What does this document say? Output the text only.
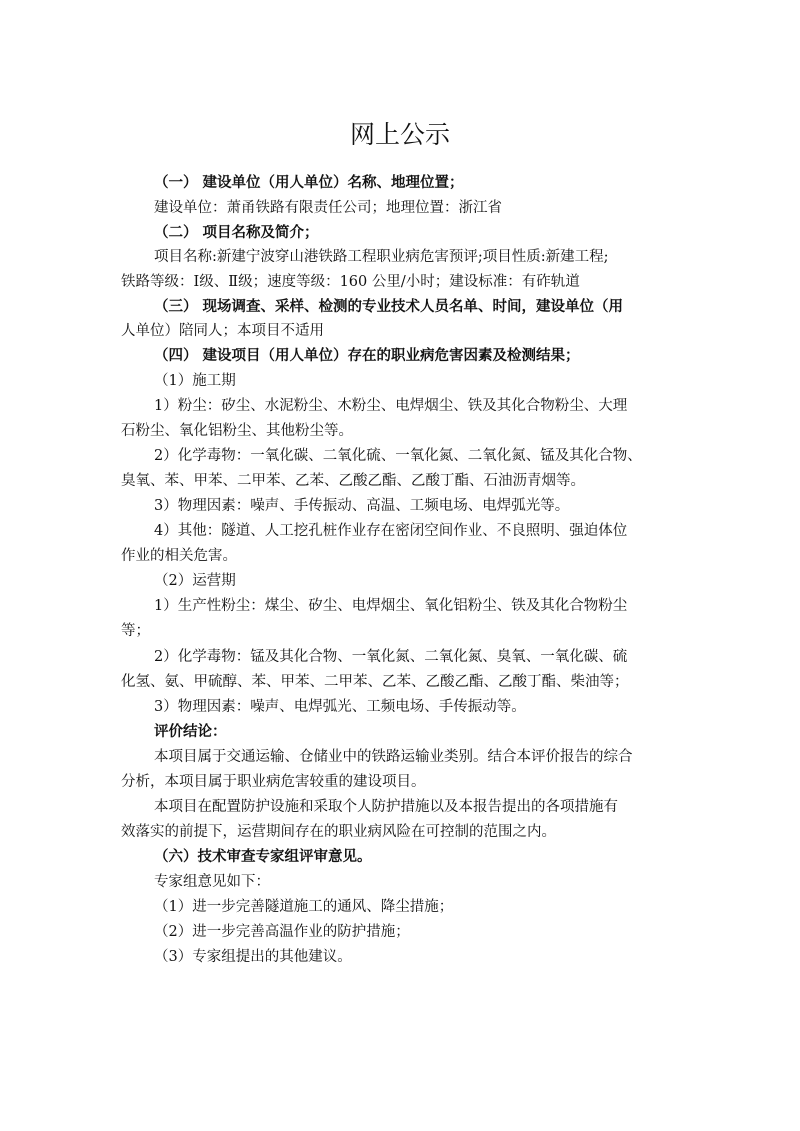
网上公示
（一） 建设单位（用人单位）名称、地理位置；
建设单位：萧甬铁路有限责任公司；地理位置：浙江省
（二） 项目名称及简介；
项目名称:新建宁波穿山港铁路工程职业病危害预评;项目性质:新建工程;
铁路等级：Ⅰ级、Ⅱ级；速度等级：160 公里/小时；建设标准：有砟轨道
（三） 现场调查、采样、检测的专业技术人员名单、时间，建设单位（用
人单位）陪同人；本项目不适用
（四） 建设项目（用人单位）存在的职业病危害因素及检测结果；
（1）施工期
1）粉尘：矽尘、水泥粉尘、木粉尘、电焊烟尘、铁及其化合物粉尘、大理
石粉尘、氧化铝粉尘、其他粉尘等。
2）化学毒物：一氧化碳、二氧化硫、一氧化氮、二氧化氮、锰及其化合物、
臭氧、苯、甲苯、二甲苯、乙苯、乙酸乙酯、乙酸丁酯、石油沥青烟等。
3）物理因素：噪声、手传振动、高温、工频电场、电焊弧光等。
4）其他：隧道、人工挖孔桩作业存在密闭空间作业、不良照明、强迫体位
作业的相关危害。
（2）运营期
1）生产性粉尘：煤尘、矽尘、电焊烟尘、氧化铝粉尘、铁及其化合物粉尘
等；
2）化学毒物：锰及其化合物、一氧化氮、二氧化氮、臭氧、一氧化碳、硫
化氢、氨、甲硫醇、苯、甲苯、二甲苯、乙苯、乙酸乙酯、乙酸丁酯、柴油等；
3）物理因素：噪声、电焊弧光、工频电场、手传振动等。
评价结论：
本项目属于交通运输、仓储业中的铁路运输业类别。结合本评价报告的综合
分析，本项目属于职业病危害较重的建设项目。
本项目在配置防护设施和采取个人防护措施以及本报告提出的各项措施有
效落实的前提下，运营期间存在的职业病风险在可控制的范围之内。
（六）技术审查专家组评审意见。
专家组意见如下：
（1）进一步完善隧道施工的通风、降尘措施；
（2）进一步完善高温作业的防护措施；
（3）专家组提出的其他建议。
